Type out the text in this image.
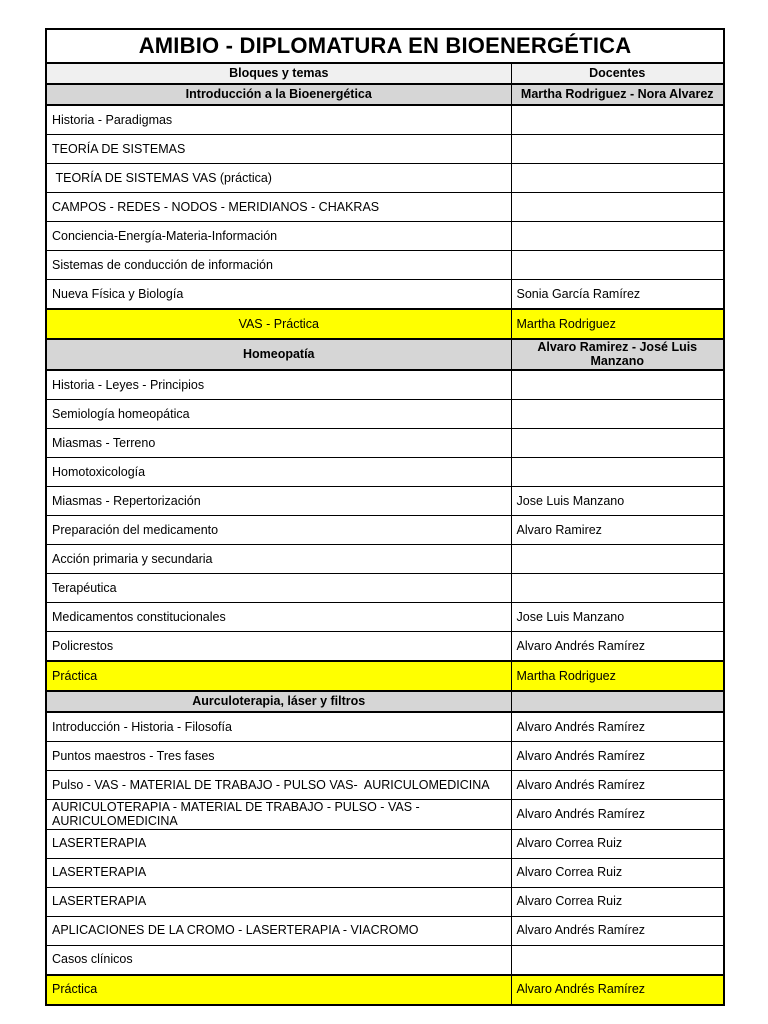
AMIBIO - DIPLOMATURA EN BIOENERGÉTICA	
Bloques y temas	Docentes
Introducción a la Bioenergética	Martha Rodriguez - Nora Alvarez
Historia - Paradigmas	
TEORÍA DE SISTEMAS	
TEORÍA DE SISTEMAS VAS (práctica)	
CAMPOS - REDES - NODOS - MERIDIANOS - CHAKRAS	
Conciencia-Energía-Materia-Información	
Sistemas de conducción de información	
Nueva Física y Biología	Sonia García Ramírez
VAS - Práctica	Martha Rodriguez
Homeopatía	Alvaro Ramirez - José Luis Manzano
Historia - Leyes - Principios	
Semiología homeopática	
Miasmas - Terreno	
Homotoxicología	
Miasmas - Repertorización	Jose Luis Manzano
Preparación del medicamento	Alvaro Ramirez
Acción primaria y secundaria	
Terapéutica	
Medicamentos constitucionales	Jose Luis Manzano
Policrestos	Alvaro Andrés Ramírez
Práctica	Martha Rodriguez
Aurculoterapia, láser y filtros	
Introducción - Historia - Filosofía	Alvaro Andrés Ramírez
Puntos maestros - Tres fases	Alvaro Andrés Ramírez
Pulso - VAS - MATERIAL DE TRABAJO - PULSO VAS-  AURICULOMEDICINA	Alvaro Andrés Ramírez
AURICULOTERAPIA - MATERIAL DE TRABAJO - PULSO - VAS - AURICULOMEDICINA	Alvaro Andrés Ramírez
LASERTERAPIA	Alvaro Correa Ruiz
LASERTERAPIA	Alvaro Correa Ruiz
LASERTERAPIA	Alvaro Correa Ruiz
APLICACIONES DE LA CROMO - LASERTERAPIA - VIACROMO	Alvaro Andrés Ramírez
Casos clínicos	
Práctica	Alvaro Andrés Ramírez
